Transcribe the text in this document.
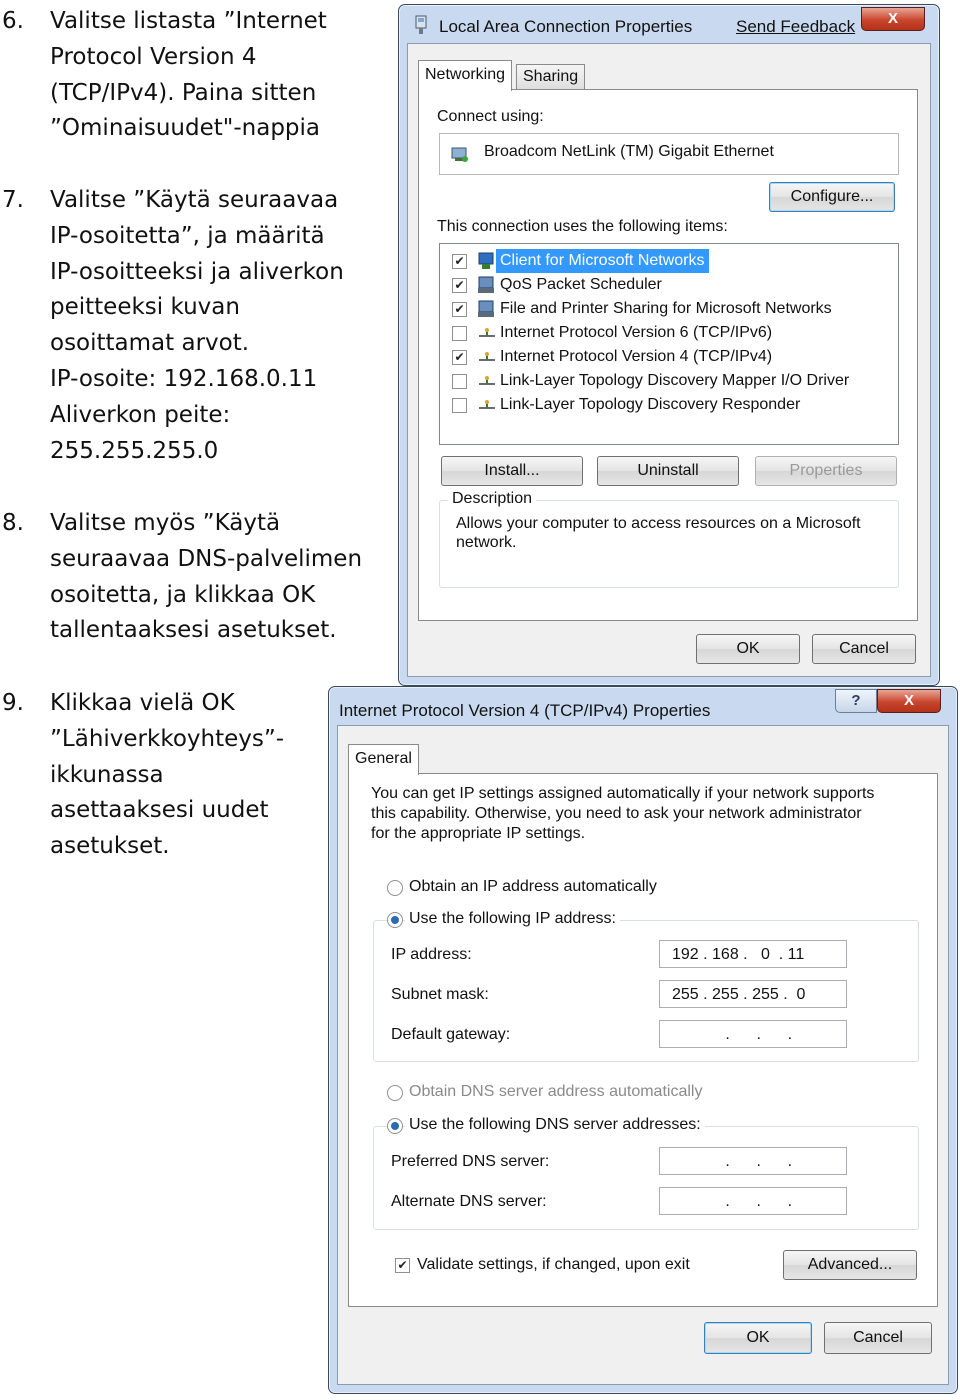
6. Valitse listasta ”Internet
Protocol Version 4
(TCP/IPv4). Paina sitten
”Ominaisuudet"-nappia
7. Valitse ”Käytä seuraavaa
IP-osoitetta”, ja määritä
IP-osoitteeksi ja aliverkon
peitteeksi kuvan
osoittamat arvot.
IP-osoite: 192.168.0.11
Aliverkon peite:
255.255.255.0
8. Valitse myös ”Käytä
seuraavaa DNS-palvelimen
osoitetta, ja klikkaa OK
tallentaaksesi asetukset.
9. Klikkaa vielä OK
”Lähiverkkoyhteys”-
ikkunassa
asettaaksesi uudet
asetukset.
Local Area Connection Properties	Send Feedback	X
Networking	Sharing
Connect using:
Broadcom NetLink (TM) Gigabit Ethernet
Configure...
This connection uses the following items:
✔ Client for Microsoft Networks
✔ QoS Packet Scheduler
✔ File and Printer Sharing for Microsoft Networks
Internet Protocol Version 6 (TCP/IPv6)
✔ Internet Protocol Version 4 (TCP/IPv4)
Link-Layer Topology Discovery Mapper I/O Driver
Link-Layer Topology Discovery Responder
Install...	Uninstall	Properties
Description
Allows your computer to access resources on a Microsoft
network.
OK	Cancel
Internet Protocol Version 4 (TCP/IPv4) Properties
?	X
General
You can get IP settings assigned automatically if your network supports
this capability. Otherwise, you need to ask your network administrator
for the appropriate IP settings.
Obtain an IP address automatically
Use the following IP address:
IP address:	192 . 168 .   0  . 11
Subnet mask:	255 . 255 . 255 .  0
Default gateway:	.      .      .
Obtain DNS server address automatically
Use the following DNS server addresses:
Preferred DNS server:	.      .      .
Alternate DNS server:	.      .      .
✔ Validate settings, if changed, upon exit	Advanced...
OK	Cancel
